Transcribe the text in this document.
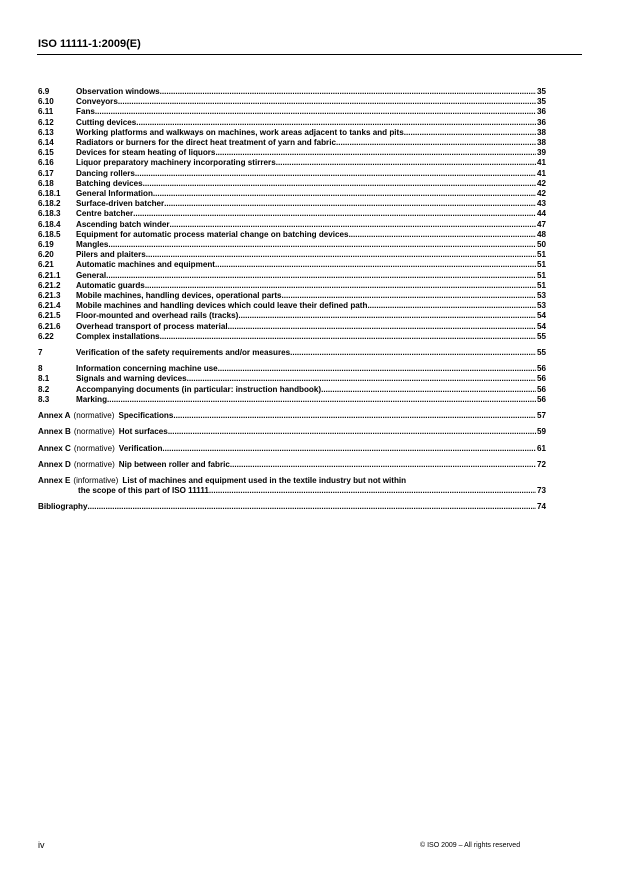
ISO 11111-1:2009(E)
6.9	Observation windows .....	35
6.10	Conveyors .....	35
6.11	Fans .....	36
6.12	Cutting devices .....	36
6.13	Working platforms and walkways on machines, work areas adjacent to tanks and pits .....	38
6.14	Radiators or burners for the direct heat treatment of yarn and fabric .....	38
6.15	Devices for steam heating of liquors .....	39
6.16	Liquor preparatory machinery incorporating stirrers .....	41
6.17	Dancing rollers .....	41
6.18	Batching devices .....	42
6.18.1	General Information .....	42
6.18.2	Surface-driven batcher .....	43
6.18.3	Centre batcher .....	44
6.18.4	Ascending batch winder .....	47
6.18.5	Equipment for automatic process material change on batching devices .....	48
6.19	Mangles .....	50
6.20	Pilers and plaiters .....	51
6.21	Automatic machines and equipment .....	51
6.21.1	General .....	51
6.21.2	Automatic guards .....	51
6.21.3	Mobile machines, handling devices, operational parts .....	53
6.21.4	Mobile machines and handling devices which could leave their defined path .....	53
6.21.5	Floor-mounted and overhead rails (tracks) .....	54
6.21.6	Overhead transport of process material .....	54
6.22	Complex installations .....	55
7	Verification of the safety requirements and/or measures .....	55
8	Information concerning machine use .....	56
8.1	Signals and warning devices .....	56
8.2	Accompanying documents (in particular: instruction handbook) .....	56
8.3	Marking .....	56
Annex A (normative) Specifications .....	57
Annex B (normative) Hot surfaces .....	59
Annex C (normative) Verification .....	61
Annex D (normative) Nip between roller and fabric .....	72
Annex E (informative) List of machines and equipment used in the textile industry but not within
the scope of this part of ISO 11111 .....	73
Bibliography .....	74
iv	© ISO 2009 – All rights reserved
